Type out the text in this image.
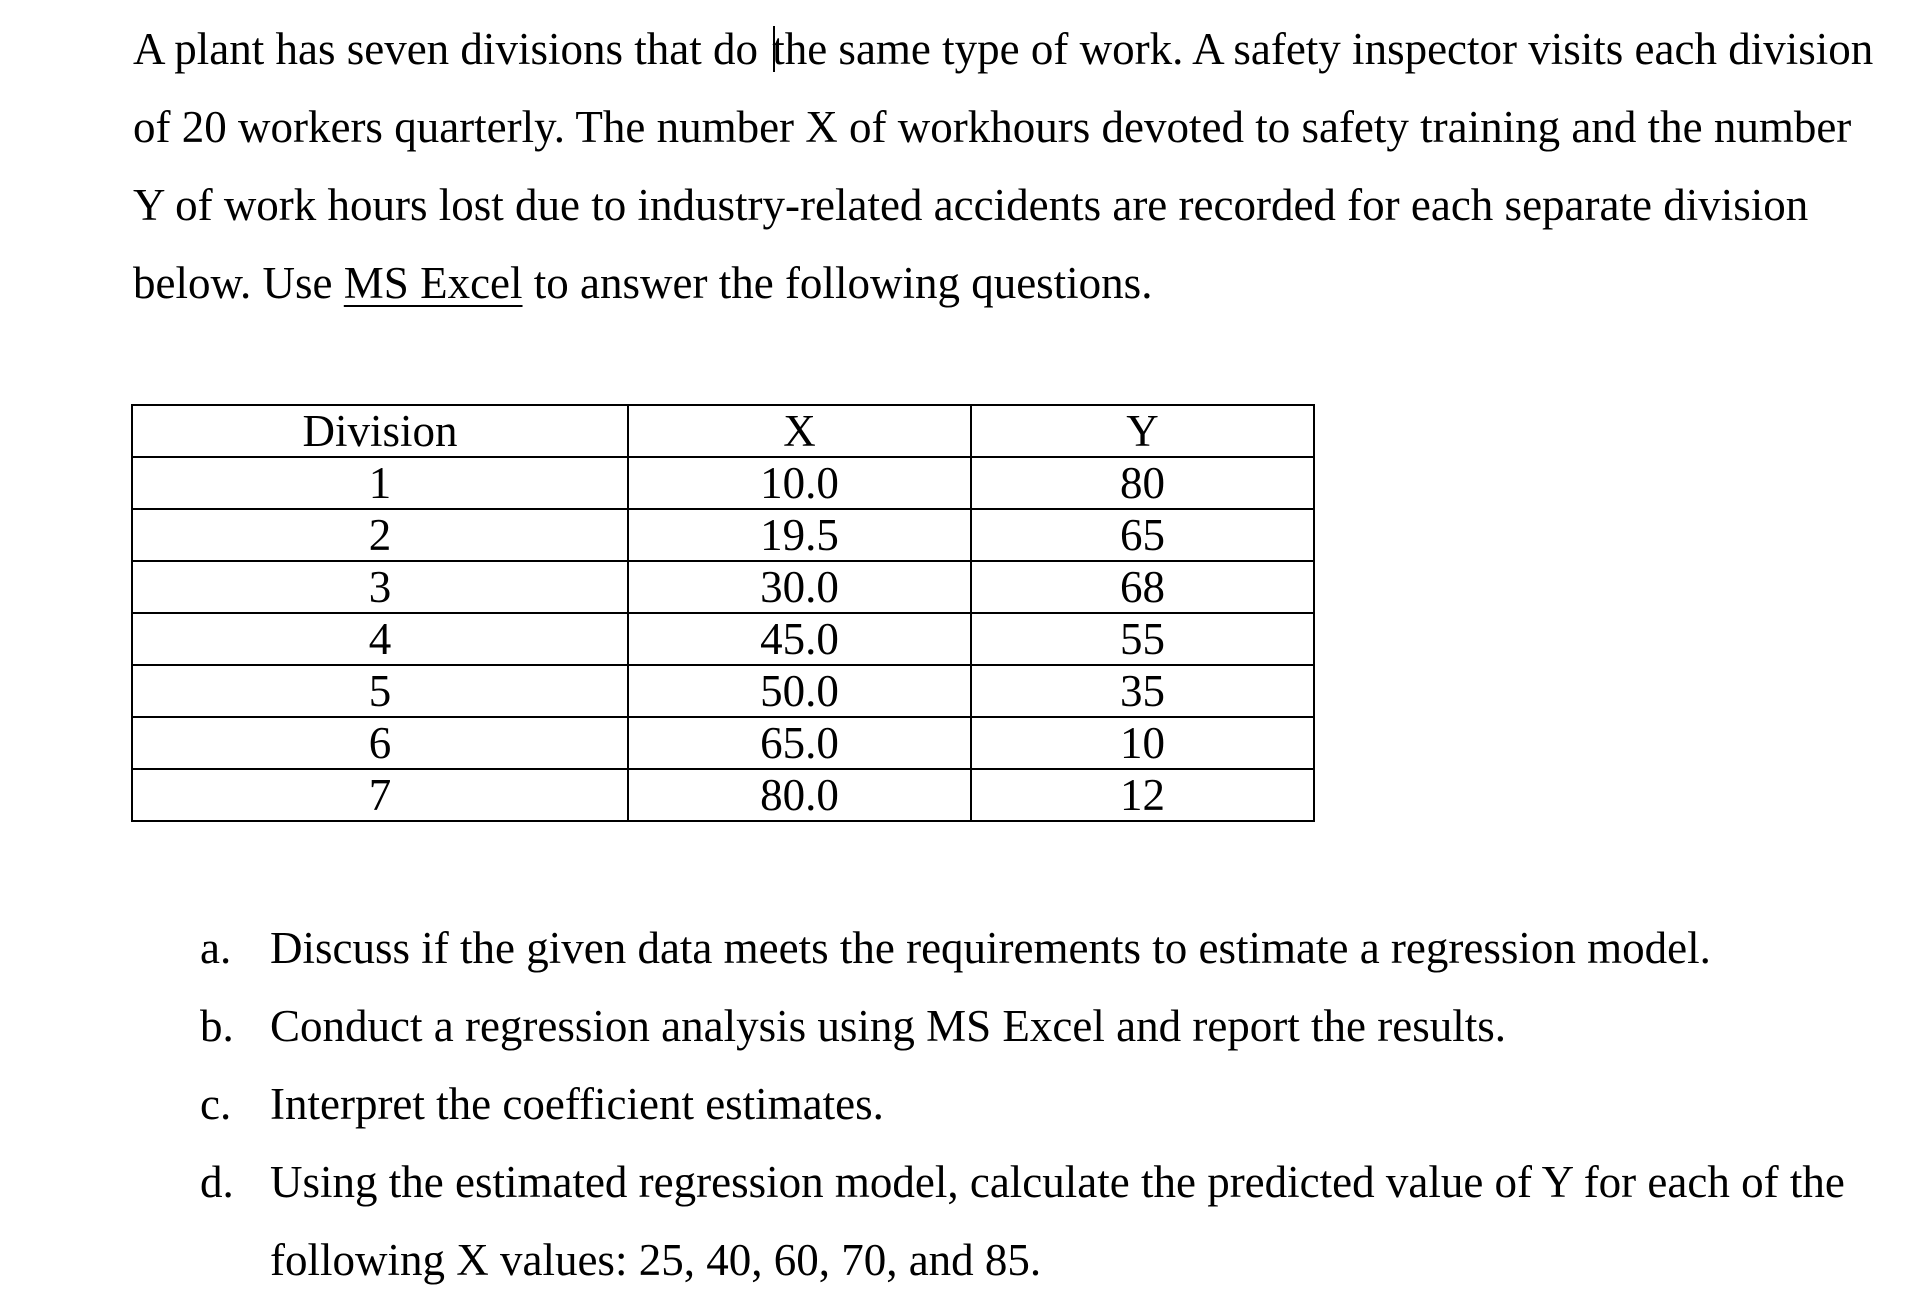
A plant has seven divisions that do the same type of work. A safety inspector visits each division
of 20 workers quarterly. The number X of workhours devoted to safety training and the number
Y of work hours lost due to industry-related accidents are recorded for each separate division
below. Use MS Excel to answer the following questions.
Division	X	Y
1	10.0	80
2	19.5	65
3	30.0	68
4	45.0	55
5	50.0	35
6	65.0	10
7	80.0	12
a. Discuss if the given data meets the requirements to estimate a regression model.
b. Conduct a regression analysis using MS Excel and report the results.
c. Interpret the coefficient estimates.
d. Using the estimated regression model, calculate the predicted value of Y for each of the
following X values: 25, 40, 60, 70, and 85.
